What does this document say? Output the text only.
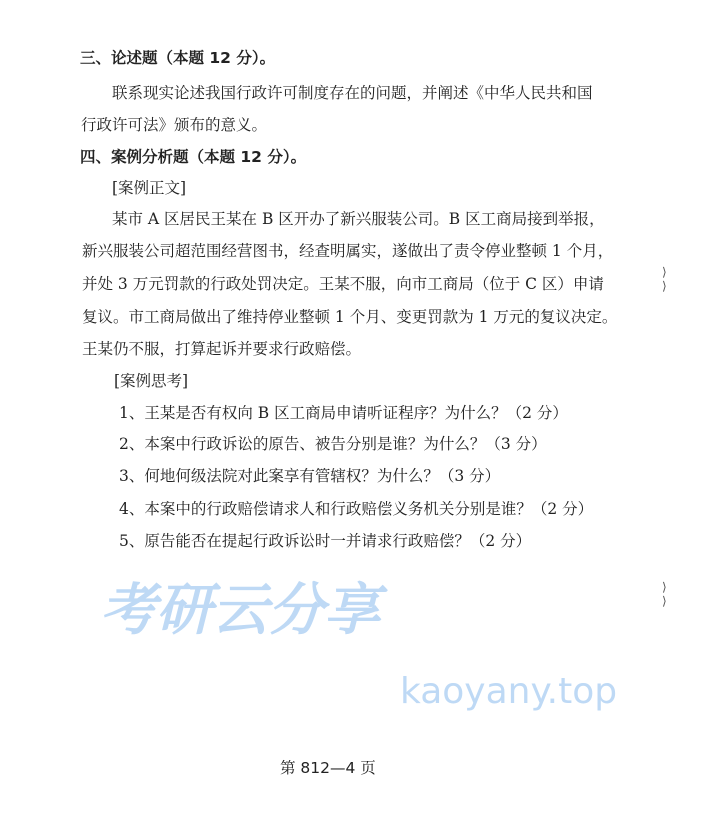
考研云分享
kaoyany.top
三、论述题（本题 12 分）。
联系现实论述我国行政许可制度存在的问题，并阐述《中华人民共和国
行政许可法》颁布的意义。
四、案例分析题（本题 12 分）。
[案例正文]
某市 A 区居民王某在 B 区开办了新兴服装公司。B 区工商局接到举报，
新兴服装公司超范围经营图书，经查明属实，遂做出了责令停业整顿 1 个月，
并处 3 万元罚款的行政处罚决定。王某不服，向市工商局（位于 C 区）申请
复议。市工商局做出了维持停业整顿 1 个月、变更罚款为 1 万元的复议决定。
王某仍不服，打算起诉并要求行政赔偿。
[案例思考]
1、王某是否有权向 B 区工商局申请听证程序？为什么？（2 分）
2、本案中行政诉讼的原告、被告分别是谁？为什么？（3 分）
3、何地何级法院对此案享有管辖权？为什么？（3 分）
4、本案中的行政赔偿请求人和行政赔偿义务机关分别是谁？（2 分）
5、原告能否在提起行政诉讼时一并请求行政赔偿？（2 分）
第 812—4 页
⟩
⟩
⟩
⟩
